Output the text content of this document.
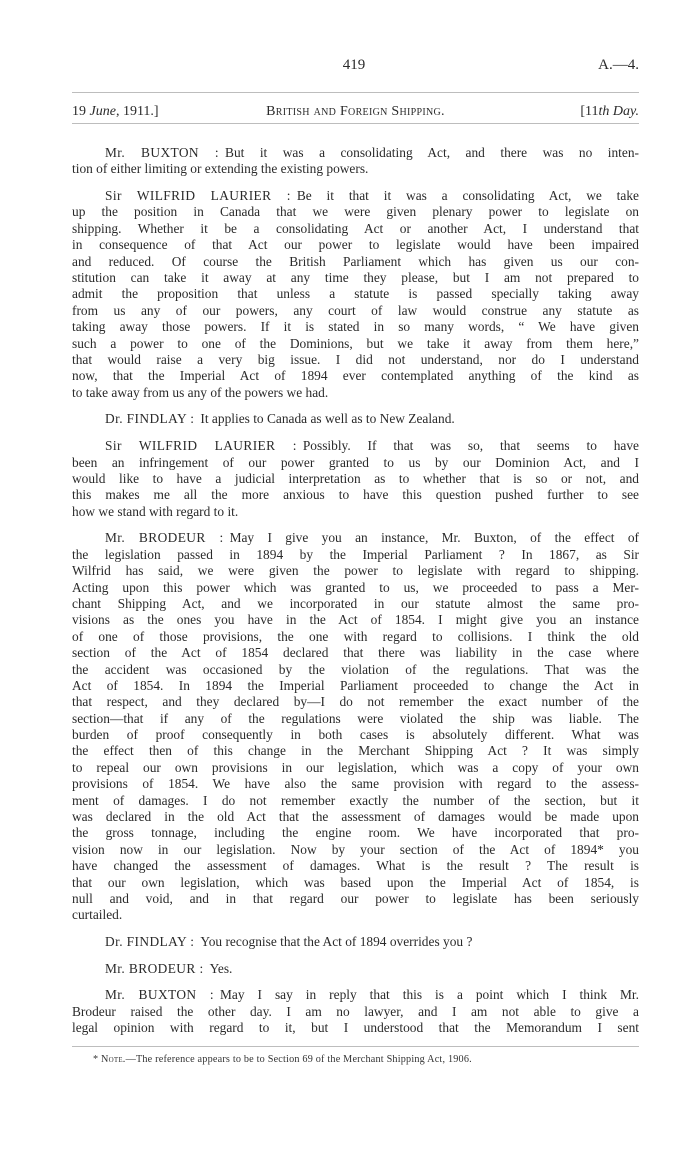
419	A.—4.
19 June, 1911.]	British and Foreign Shipping.	[11th Day.
Mr. BUXTON : But it was a consolidating Act, and there was no inten-
tion of either limiting or extending the existing powers.
Sir WILFRID LAURIER : Be it that it was a consolidating Act, we take
up the position in Canada that we were given plenary power to legislate on
shipping. Whether it be a consolidating Act or another Act, I understand that
in consequence of that Act our power to legislate would have been impaired
and reduced. Of course the British Parliament which has given us our con-
stitution can take it away at any time they please, but I am not prepared to
admit the proposition that unless a statute is passed specially taking away
from us any of our powers, any court of law would construe any statute as
taking away those powers. If it is stated in so many words, “ We have given
such a power to one of the Dominions, but we take it away from them here,”
that would raise a very big issue. I did not understand, nor do I understand
now, that the Imperial Act of 1894 ever contemplated anything of the kind as
to take away from us any of the powers we had.
Dr. FINDLAY : It applies to Canada as well as to New Zealand.
Sir WILFRID LAURIER : Possibly. If that was so, that seems to have
been an infringement of our power granted to us by our Dominion Act, and I
would like to have a judicial interpretation as to whether that is so or not, and
this makes me all the more anxious to have this question pushed further to see
how we stand with regard to it.
Mr. BRODEUR : May I give you an instance, Mr. Buxton, of the effect of
the legislation passed in 1894 by the Imperial Parliament ? In 1867, as Sir
Wilfrid has said, we were given the power to legislate with regard to shipping.
Acting upon this power which was granted to us, we proceeded to pass a Mer-
chant Shipping Act, and we incorporated in our statute almost the same pro-
visions as the ones you have in the Act of 1854. I might give you an instance
of one of those provisions, the one with regard to collisions. I think the old
section of the Act of 1854 declared that there was liability in the case where
the accident was occasioned by the violation of the regulations. That was the
Act of 1854. In 1894 the Imperial Parliament proceeded to change the Act in
that respect, and they declared by—I do not remember the exact number of the
section—that if any of the regulations were violated the ship was liable. The
burden of proof consequently in both cases is absolutely different. What was
the effect then of this change in the Merchant Shipping Act ? It was simply
to repeal our own provisions in our legislation, which was a copy of your own
provisions of 1854. We have also the same provision with regard to the assess-
ment of damages. I do not remember exactly the number of the section, but it
was declared in the old Act that the assessment of damages would be made upon
the gross tonnage, including the engine room. We have incorporated that pro-
vision now in our legislation. Now by your section of the Act of 1894* you
have changed the assessment of damages. What is the result ? The result is
that our own legislation, which was based upon the Imperial Act of 1854, is
null and void, and in that regard our power to legislate has been seriously
curtailed.
Dr. FINDLAY : You recognise that the Act of 1894 overrides you ?
Mr. BRODEUR : Yes.
Mr. BUXTON : May I say in reply that this is a point which I think Mr.
Brodeur raised the other day. I am no lawyer, and I am not able to give a
legal opinion with regard to it, but I understood that the Memorandum I sent
* Note.—The reference appears to be to Section 69 of the Merchant Shipping Act, 1906.
